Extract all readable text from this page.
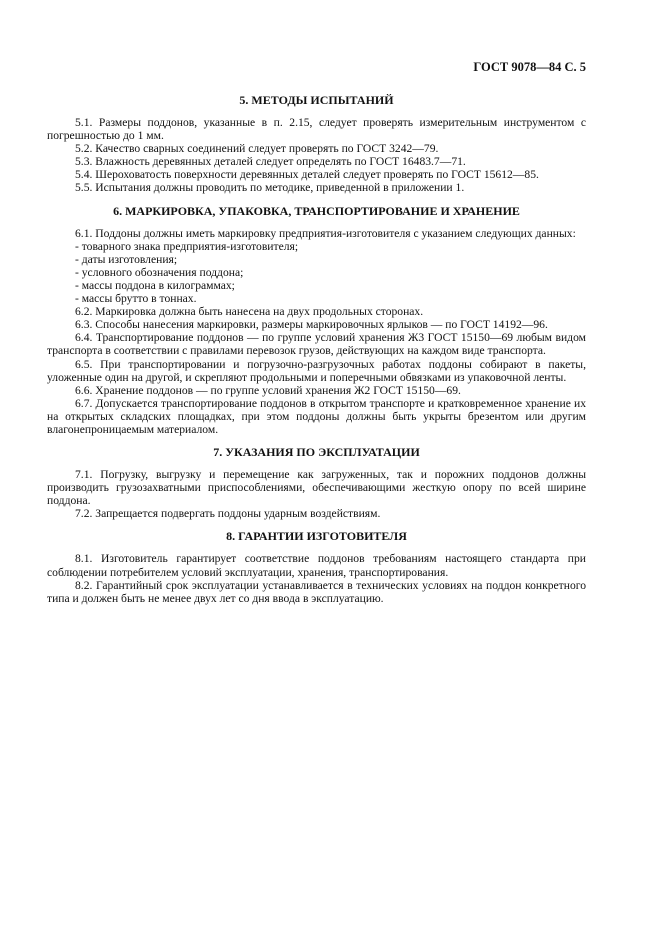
ГОСТ 9078—84 С. 5
5. МЕТОДЫ ИСПЫТАНИЙ

5.1. Размеры поддонов, указанные в п. 2.15, следует проверять измерительным инструментом с погрешностью до 1 мм.

5.2. Качество сварных соединений следует проверять по ГОСТ 3242—79.

5.3. Влажность деревянных деталей следует определять по ГОСТ 16483.7—71.

5.4. Шероховатость поверхности деревянных деталей следует проверять по ГОСТ 15612—85.

5.5. Испытания должны проводить по методике, приведенной в приложении 1.

6. МАРКИРОВКА, УПАКОВКА, ТРАНСПОРТИРОВАНИЕ И ХРАНЕНИЕ

6.1. Поддоны должны иметь маркировку предприятия-изготовителя с указанием следующих данных:

- товарного знака предприятия-изготовителя;

- даты изготовления;

- условного обозначения поддона;

- массы поддона в килограммах;

- массы брутто в тоннах.

6.2. Маркировка должна быть нанесена на двух продольных сторонах.

6.3. Способы нанесения маркировки, размеры маркировочных ярлыков — по ГОСТ 14192—96.

6.4. Транспортирование поддонов — по группе условий хранения Ж3 ГОСТ 15150—69 любым видом транспорта в соответствии с правилами перевозок грузов, действующих на каждом виде транспорта.

6.5. При транспортировании и погрузочно-разгрузочных работах поддоны собирают в пакеты, уложенные один на другой, и скрепляют продольными и поперечными обвязками из упаковочной ленты.

6.6. Хранение поддонов — по группе условий хранения Ж2 ГОСТ 15150—69.

6.7. Допускается транспортирование поддонов в открытом транспорте и кратковременное хранение их на открытых складских площадках, при этом поддоны должны быть укрыты брезентом или другим влагонепроницаемым материалом.

7. УКАЗАНИЯ ПО ЭКСПЛУАТАЦИИ

7.1. Погрузку, выгрузку и перемещение как загруженных, так и порожних поддонов должны производить грузозахватными приспособлениями, обеспечивающими жесткую опору по всей ширине поддона.

7.2. Запрещается подвергать поддоны ударным воздействиям.

8. ГАРАНТИИ ИЗГОТОВИТЕЛЯ

8.1. Изготовитель гарантирует соответствие поддонов требованиям настоящего стандарта при соблюдении потребителем условий эксплуатации, хранения, транспортирования.

8.2. Гарантийный срок эксплуатации устанавливается в технических условиях на поддон конкретного типа и должен быть не менее двух лет со дня ввода в эксплуатацию.
